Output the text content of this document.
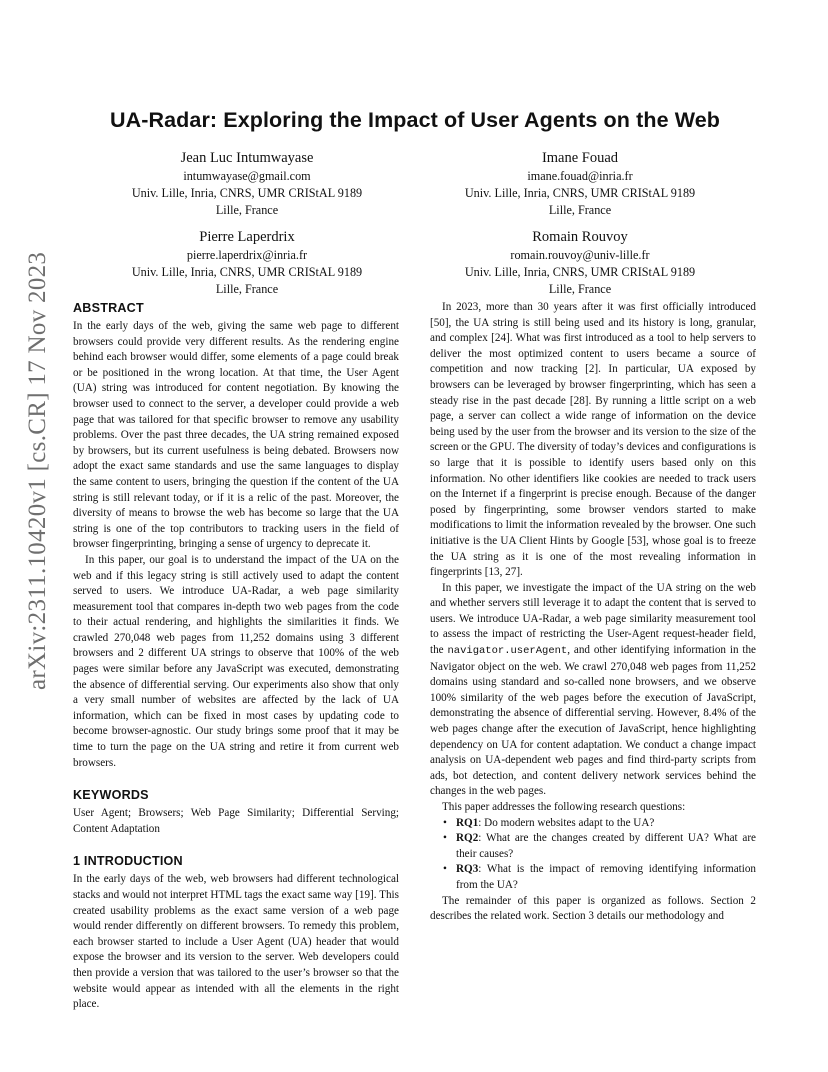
arXiv:2311.10420v1 [cs.CR] 17 Nov 2023
UA-Radar: Exploring the Impact of User Agents on the Web
Jean Luc Intumwayase
intumwayase@gmail.com
Univ. Lille, Inria, CNRS, UMR CRIStAL 9189
Lille, France
Imane Fouad
imane.fouad@inria.fr
Univ. Lille, Inria, CNRS, UMR CRIStAL 9189
Lille, France
Pierre Laperdrix
pierre.laperdrix@inria.fr
Univ. Lille, Inria, CNRS, UMR CRIStAL 9189
Lille, France
Romain Rouvoy
romain.rouvoy@univ-lille.fr
Univ. Lille, Inria, CNRS, UMR CRIStAL 9189
Lille, France
ABSTRACT

In the early days of the web, giving the same web page to different browsers could provide very different results. As the rendering engine behind each browser would differ, some elements of a page could break or be positioned in the wrong location. At that time, the User Agent (UA) string was introduced for content negotiation. By knowing the browser used to connect to the server, a developer could provide a web page that was tailored for that specific browser to remove any usability problems. Over the past three decades, the UA string remained exposed by browsers, but its current usefulness is being debated. Browsers now adopt the exact same standards and use the same languages to display the same content to users, bringing the question if the content of the UA string is still relevant today, or if it is a relic of the past. Moreover, the diversity of means to browse the web has become so large that the UA string is one of the top contributors to tracking users in the field of browser fingerprinting, bringing a sense of urgency to deprecate it.

In this paper, our goal is to understand the impact of the UA on the web and if this legacy string is still actively used to adapt the content served to users. We introduce UA-Radar, a web page similarity measurement tool that compares in-depth two web pages from the code to their actual rendering, and highlights the similarities it finds. We crawled 270,048 web pages from 11,252 domains using 3 different browsers and 2 different UA strings to observe that 100% of the web pages were similar before any JavaScript was executed, demonstrating the absence of differential serving. Our experiments also show that only a very small number of websites are affected by the lack of UA information, which can be fixed in most cases by updating code to become browser-agnostic. Our study brings some proof that it may be time to turn the page on the UA string and retire it from current web browsers.

KEYWORDS

User Agent; Browsers; Web Page Similarity; Differential Serving; Content Adaptation

1 INTRODUCTION

In the early days of the web, web browsers had different technological stacks and would not interpret HTML tags the exact same way [19]. This created usability problems as the exact same version of a web page would render differently on different browsers. To remedy this problem, each browser started to include a User Agent (UA) header that would expose the browser and its version to the server. Web developers could then provide a version that was tailored to the user’s browser so that the website would appear as intended with all the elements in the right place.

In 2023, more than 30 years after it was first officially introduced [50], the UA string is still being used and its history is long, granular, and complex [24]. What was first introduced as a tool to help servers to deliver the most optimized content to users became a source of competition and now tracking [2]. In particular, UA exposed by browsers can be leveraged by browser fingerprinting, which has seen a steady rise in the past decade [28]. By running a little script on a web page, a server can collect a wide range of information on the device being used by the user from the browser and its version to the size of the screen or the GPU. The diversity of today’s devices and configurations is so large that it is possible to identify users based only on this information. No other identifiers like cookies are needed to track users on the Internet if a fingerprint is precise enough. Because of the danger posed by fingerprinting, some browser vendors started to make modifications to limit the information revealed by the browser. One such initiative is the UA Client Hints by Google [53], whose goal is to freeze the UA string as it is one of the most revealing information in fingerprints [13, 27].

In this paper, we investigate the impact of the UA string on the web and whether servers still leverage it to adapt the content that is served to users. We introduce UA-Radar, a web page similarity measurement tool to assess the impact of restricting the User-Agent request-header field, the navigator.userAgent, and other identifying information in the Navigator object on the web. We crawl 270,048 web pages from 11,252 domains using standard and so-called none browsers, and we observe 100% similarity of the web pages before the execution of JavaScript, demonstrating the absence of differential serving. However, 8.4% of the web pages change after the execution of JavaScript, hence highlighting dependency on UA for content adaptation. We conduct a change impact analysis on UA-dependent web pages and find third-party scripts from ads, bot detection, and content delivery network services behind the changes in the web pages.

This paper addresses the following research questions:

• RQ1: Do modern websites adapt to the UA?
• RQ2: What are the changes created by different UA? What are their causes?
• RQ3: What is the impact of removing identifying information from the UA?

The remainder of this paper is organized as follows. Section 2 describes the related work. Section 3 details our methodology and
